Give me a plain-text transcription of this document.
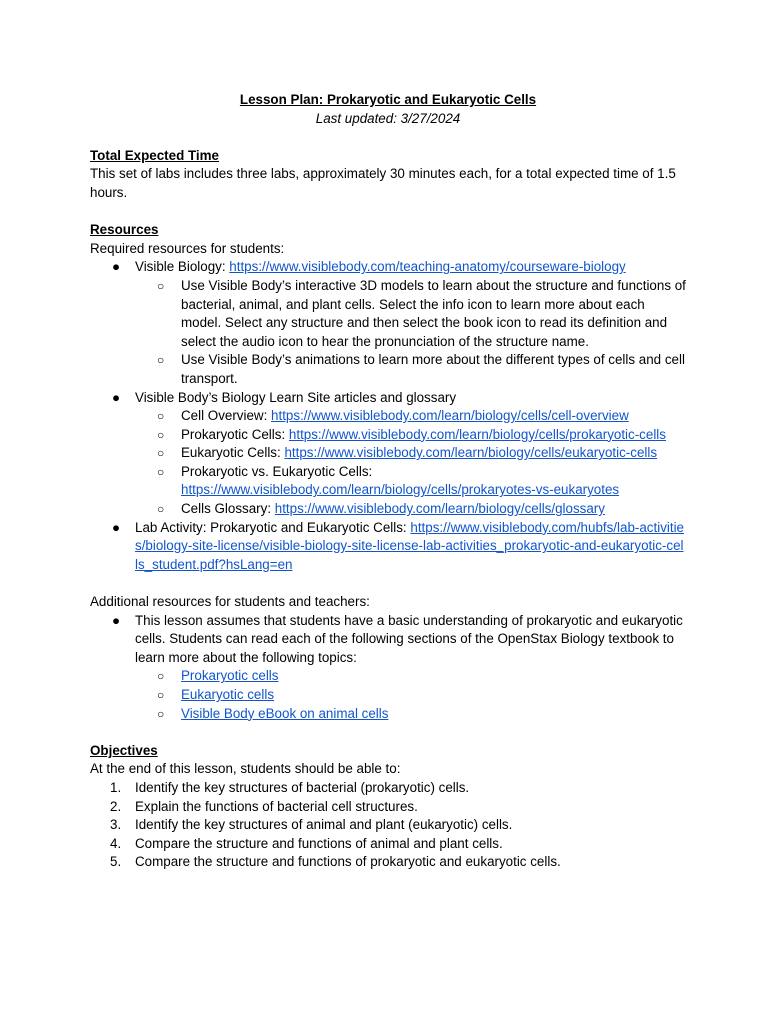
Lesson Plan: Prokaryotic and Eukaryotic Cells
Last updated: 3/27/2024
Total Expected Time
This set of labs includes three labs, approximately 30 minutes each, for a total expected time of 1.5 hours.
Resources
Required resources for students:
●	Visible Biology: https://www.visiblebody.com/teaching-anatomy/courseware-biology
○	Use Visible Body’s interactive 3D models to learn about the structure and functions of bacterial, animal, and plant cells. Select the info icon to learn more about each model. Select any structure and then select the book icon to read its definition and select the audio icon to hear the pronunciation of the structure name.
○	Use Visible Body’s animations to learn more about the different types of cells and cell transport.
●	Visible Body’s Biology Learn Site articles and glossary
○	Cell Overview: https://www.visiblebody.com/learn/biology/cells/cell-overview
○	Prokaryotic Cells: https://www.visiblebody.com/learn/biology/cells/prokaryotic-cells
○	Eukaryotic Cells: https://www.visiblebody.com/learn/biology/cells/eukaryotic-cells
○	Prokaryotic vs. Eukaryotic Cells:
https://www.visiblebody.com/learn/biology/cells/prokaryotes-vs-eukaryotes
○	Cells Glossary: https://www.visiblebody.com/learn/biology/cells/glossary
●	Lab Activity: Prokaryotic and Eukaryotic Cells: https://www.visiblebody.com/hubfs/lab-activities/biology-site-license/visible-biology-site-license-lab-activities_prokaryotic-and-eukaryotic-cells_student.pdf?hsLang=en
Additional resources for students and teachers:
●	This lesson assumes that students have a basic understanding of prokaryotic and eukaryotic cells. Students can read each of the following sections of the OpenStax Biology textbook to learn more about the following topics:
○	Prokaryotic cells
○	Eukaryotic cells
○	Visible Body eBook on animal cells
Objectives
At the end of this lesson, students should be able to:
1.	Identify the key structures of bacterial (prokaryotic) cells.
2.	Explain the functions of bacterial cell structures.
3.	Identify the key structures of animal and plant (eukaryotic) cells.
4.	Compare the structure and functions of animal and plant cells.
5.	Compare the structure and functions of prokaryotic and eukaryotic cells.
